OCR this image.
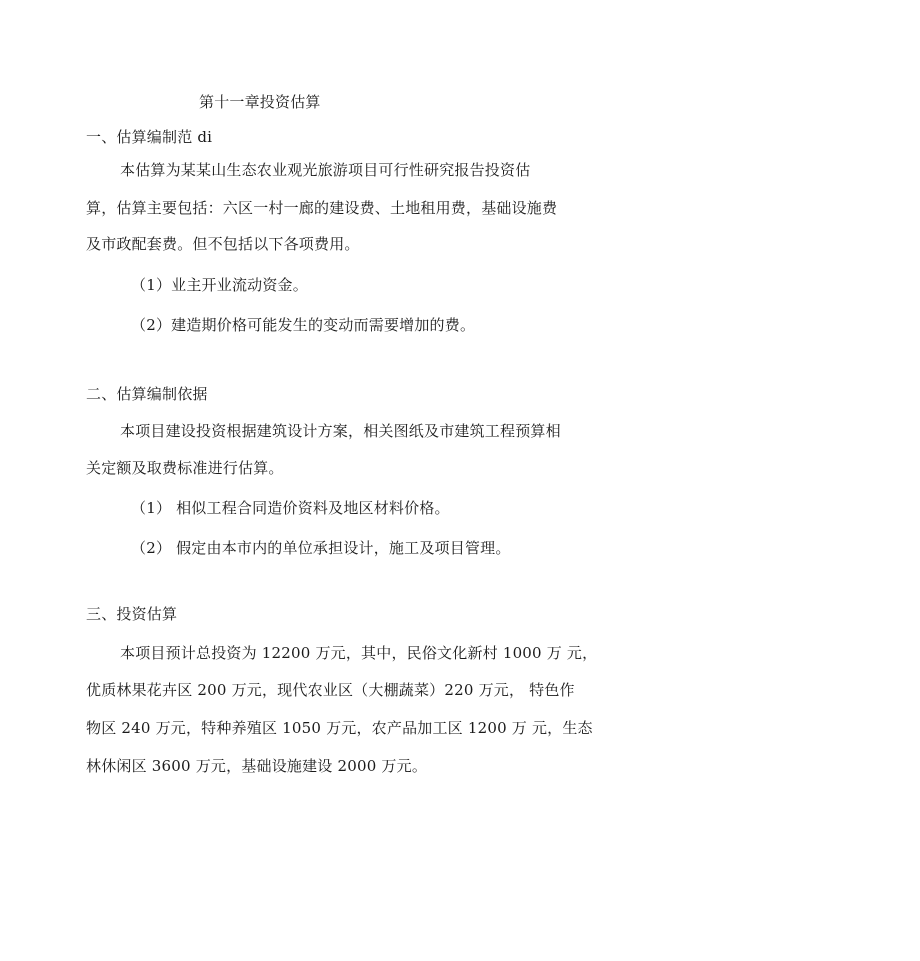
第十一章投资估算
一、估算编制范 di
本估算为某某山生态农业观光旅游项目可行性研究报告投资估
算，估算主要包括：六区一村一廊的建设费、土地租用费，基础设施费
及市政配套费。但不包括以下各项费用。
（1）业主开业流动资金。
（2）建造期价格可能发生的变动而需要增加的费。
二、估算编制依据
本项目建设投资根据建筑设计方案，相关图纸及市建筑工程预算相
关定额及取费标准进行估算。
（1） 相似工程合同造价资料及地区材料价格。
（2） 假定由本市内的单位承担设计，施工及项目管理。
三、投资估算
本项目预计总投资为 12200 万元，其中，民俗文化新村 1000 万 元，
优质林果花卉区 200 万元，现代农业区（大棚蔬菜）220 万元， 特色作
物区 240 万元，特种养殖区 1050 万元，农产品加工区 1200 万 元，生态
林休闲区 3600 万元，基础设施建设 2000 万元。
